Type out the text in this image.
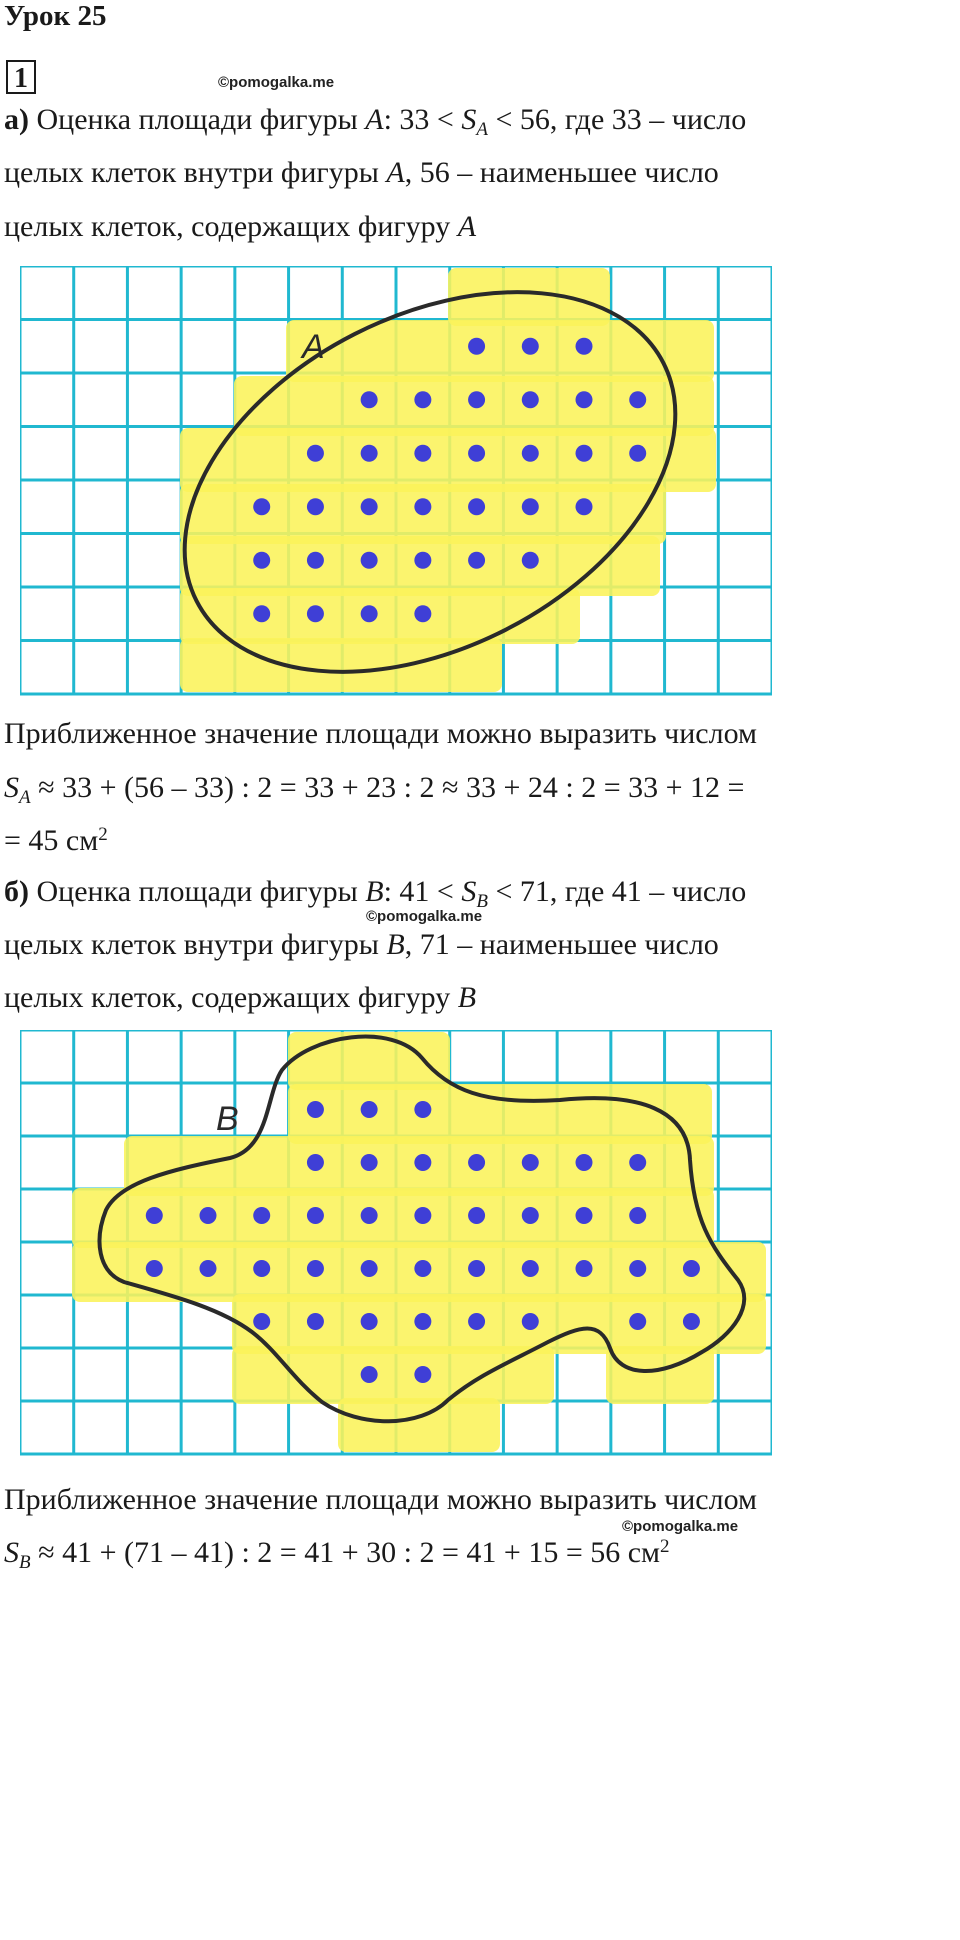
Урок 25
1	©pomogalka.me
а) Оценка площади фигуры A: $33 < S_A < 56$, где 33 – число
целых клеток внутри фигуры A, 56 – наименьшее число
целых клеток, содержащих фигуру A
A
Приближенное значение площади можно выразить числом
$S_A \approx 33 + (56 - 33)$ : 2 = 33 + 23 : 2 ≈ 33 + 24 : 2 = 33 + 12 =
= 45 $см^2$
б) Оценка площади фигуры B: $41 < S_B < 71$, где 41 – число
©pomogalka.me
целых клеток внутри фигуры B, 71 – наименьшее число
целых клеток, содержащих фигуру B
B
Приближенное значение площади можно выразить числом
©pomogalka.me
$S_B \approx 41 + (71 - 41)$ : 2 = 41 + 30 : 2 = 41 + 15 = 56 $см^2$
